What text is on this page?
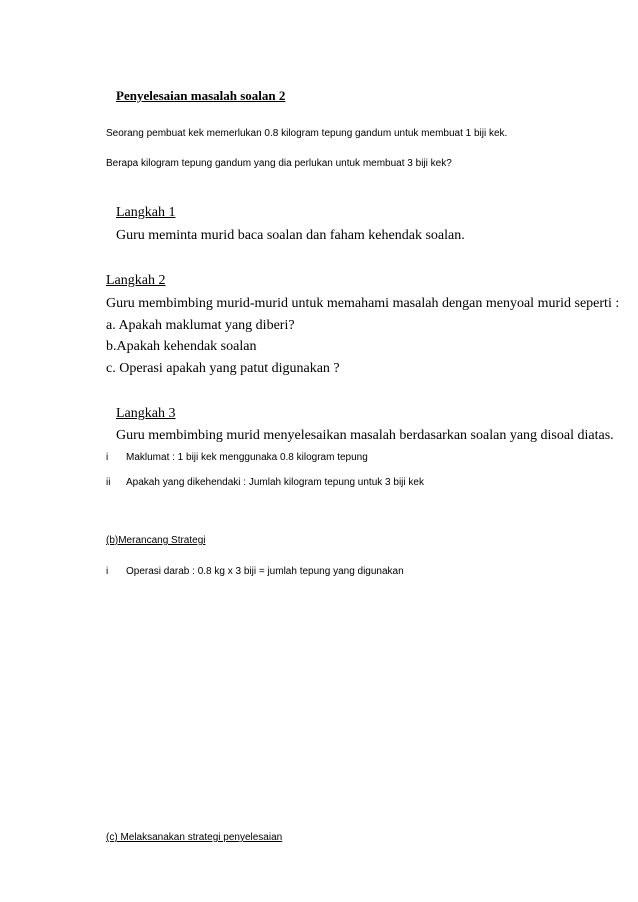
Penyelesaian masalah soalan 2
Seorang pembuat kek memerlukan 0.8 kilogram tepung gandum untuk membuat 1 biji kek.
Berapa kilogram tepung gandum yang dia perlukan untuk membuat 3 biji kek?
Langkah 1
Guru meminta murid baca soalan dan faham kehendak soalan.
Langkah 2
Guru membimbing murid-murid untuk memahami masalah dengan menyoal murid seperti :
a. Apakah maklumat yang diberi?
b.Apakah kehendak soalan
c. Operasi apakah yang patut digunakan ?
Langkah 3
Guru membimbing murid menyelesaikan masalah berdasarkan soalan yang disoal diatas.
i Maklumat : 1 biji kek menggunaka 0.8 kilogram tepung
ii Apakah yang dikehendaki : Jumlah kilogram tepung untuk 3 biji kek
(b)Merancang Strategi
i Operasi darab : 0.8 kg x 3 biji = jumlah tepung yang digunakan
(c) Melaksanakan strategi penyelesaian
